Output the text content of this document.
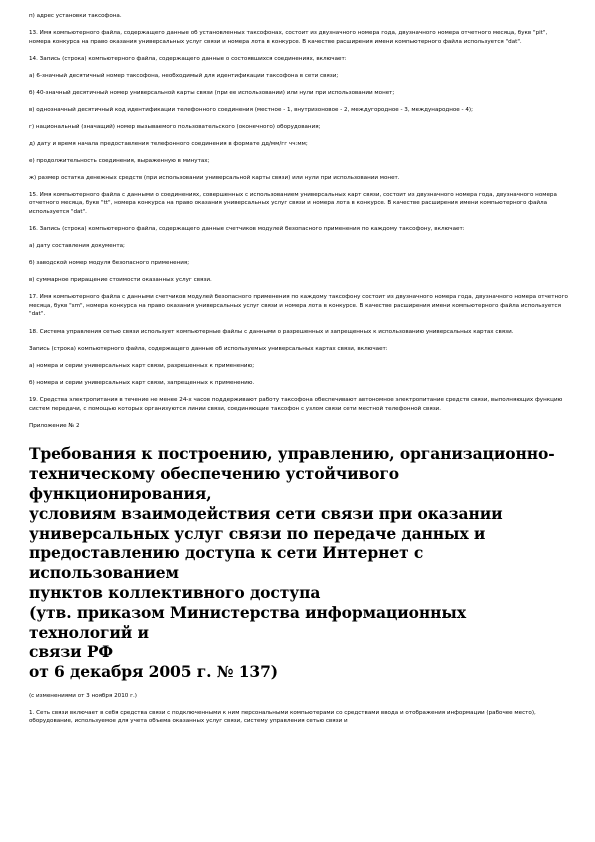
п) адрес установки таксофона.

13. Имя компьютерного файла, содержащего данные об установленных таксофонах, состоит из двузначного номера года, двузначного номера отчетного месяца, букв "pit", номера конкурса на право оказания универсальных услуг связи и номера лота в конкурсе. В качестве расширения имени компьютерного файла используется "dat".

14. Запись (строка) компьютерного файла, содержащего данные о состоявшихся соединениях, включает:

а) 6-значный десятичный номер таксофона, необходимый для идентификации таксофона в сети связи;

б) 40-значный десятичный номер универсальной карты связи (при ее использовании) или нули при использовании монет;

в) однозначный десятичный код идентификации телефонного соединения (местное - 1, внутризоновое - 2, междугородное - 3, международное - 4);

г) национальный (значащий) номер вызываемого пользовательского (оконечного) оборудования;

д) дату и время начала предоставления телефонного соединения в формате дд/мм/гг чч:мм;

е) продолжительность соединения, выраженную в минутах;

ж) размер остатка денежных средств (при использовании универсальной карты связи) или нули при использовании монет.

15. Имя компьютерного файла с данными о соединениях, совершенных с использованием универсальных карт связи, состоит из двузначного номера года, двузначного номера отчетного месяца, букв "tt", номера конкурса на право оказания универсальных услуг связи и номера лота в конкурсе. В качестве расширения имени компьютерного файла используется "dat".

16. Запись (строка) компьютерного файла, содержащего данные счетчиков модулей безопасного применения по каждому таксофону, включает:

а) дату составления документа;

б) заводской номер модуля безопасного применения;

в) суммарное приращение стоимости оказанных услуг связи.

17. Имя компьютерного файла с данными счетчиков модулей безопасного применения по каждому таксофону состоит из двузначного номера года, двузначного номера отчетного месяца, букв "sm", номера конкурса на право оказания универсальных услуг связи и номера лота в конкурсе. В качестве расширения имени компьютерного файла используется "dat".

18. Система управления сетью связи использует компьютерные файлы с данными о разрешенных и запрещенных к использованию универсальных картах связи.

Запись (строка) компьютерного файла, содержащего данные об используемых универсальных картах связи, включает:

а) номера и серии универсальных карт связи, разрешенных к применению;

б) номера и серии универсальных карт связи, запрещенных к применению.

19. Средства электропитания в течение не менее 24-х часов поддерживают работу таксофона обеспечивают автономное электропитание средств связи, выполняющих функцию систем передачи, с помощью которых организуются линии связи, соединяющие таксофон с узлом связи сети местной телефонной связи.

Приложение № 2

Требования к построению, управлению, организационно-
техническому обеспечению устойчивого функционирования,
условиям взаимодействия сети связи при оказании
универсальных услуг связи по передаче данных и
предоставлению доступа к сети Интернет с использованием
пунктов коллективного доступа
(утв. приказом Министерства информационных технологий и
связи РФ
от 6 декабря 2005 г. № 137)

(с изменениями от 3 ноября 2010 г.)

1. Сеть связи включает в себя средства связи с подключенными к ним персональными компьютерами со средствами ввода и отображения информации (рабочее место), оборудование, используемое для учета объема оказанных услуг связи, систему управления сетью связи и
